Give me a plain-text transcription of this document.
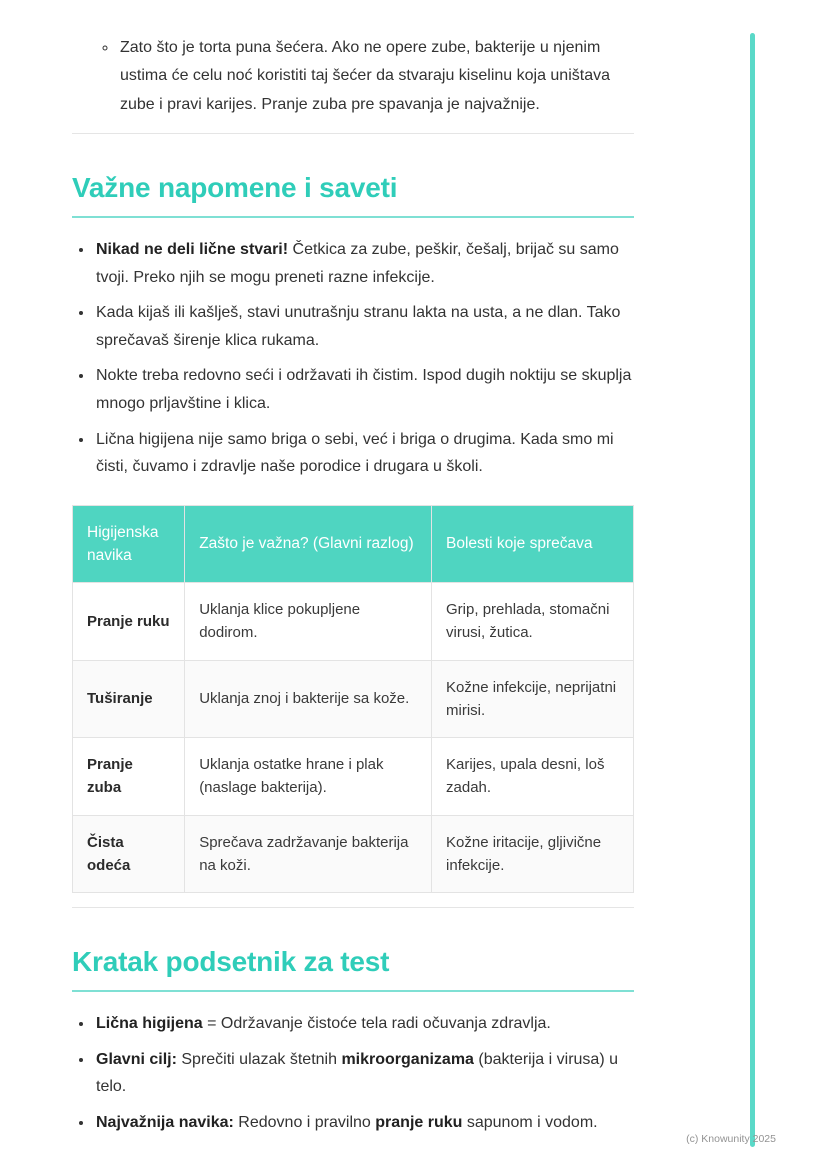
◦ Zato što je torta puna šećera. Ako ne opere zube, bakterije u njenim ustima će celu noć koristiti taj šećer da stvaraju kiselinu koja uništava zube i pravi karijes. Pranje zuba pre spavanja je najvažnije.
Važne napomene i saveti
• Nikad ne deli lične stvari! Četkica za zube, peškir, češalj, brijač su samo tvoji. Preko njih se mogu preneti razne infekcije.
• Kada kijaš ili kašlješ, stavi unutrašnju stranu lakta na usta, a ne dlan. Tako sprečavaš širenje klica rukama.
• Nokte treba redovno seći i održavati ih čistim. Ispod dugih noktiju se skuplja mnogo prljavštine i klica.
• Lična higijena nije samo briga o sebi, već i briga o drugima. Kada smo mi čisti, čuvamo i zdravlje naše porodice i drugara u školi.
Higijenska navika	Zašto je važna? (Glavni razlog)	Bolesti koje sprečava
Pranje ruku	Uklanja klice pokupljene dodirom.	Grip, prehlada, stomačni virusi, žutica.
Tuširanje	Uklanja znoj i bakterije sa kože.	Kožne infekcije, neprijatni mirisi.
Pranje zuba	Uklanja ostatke hrane i plak (naslage bakterija).	Karijes, upala desni, loš zadah.
Čista odeća	Sprečava zadržavanje bakterija na koži.	Kožne iritacije, gljivične infekcije.
Kratak podsetnik za test
• Lična higijena = Održavanje čistoće tela radi očuvanja zdravlja.
• Glavni cilj: Sprečiti ulazak štetnih mikroorganizama (bakterija i virusa) u telo.
• Najvažnija navika: Redovno i pravilno pranje ruku sapunom i vodom.
(c) Knowunity 2025
